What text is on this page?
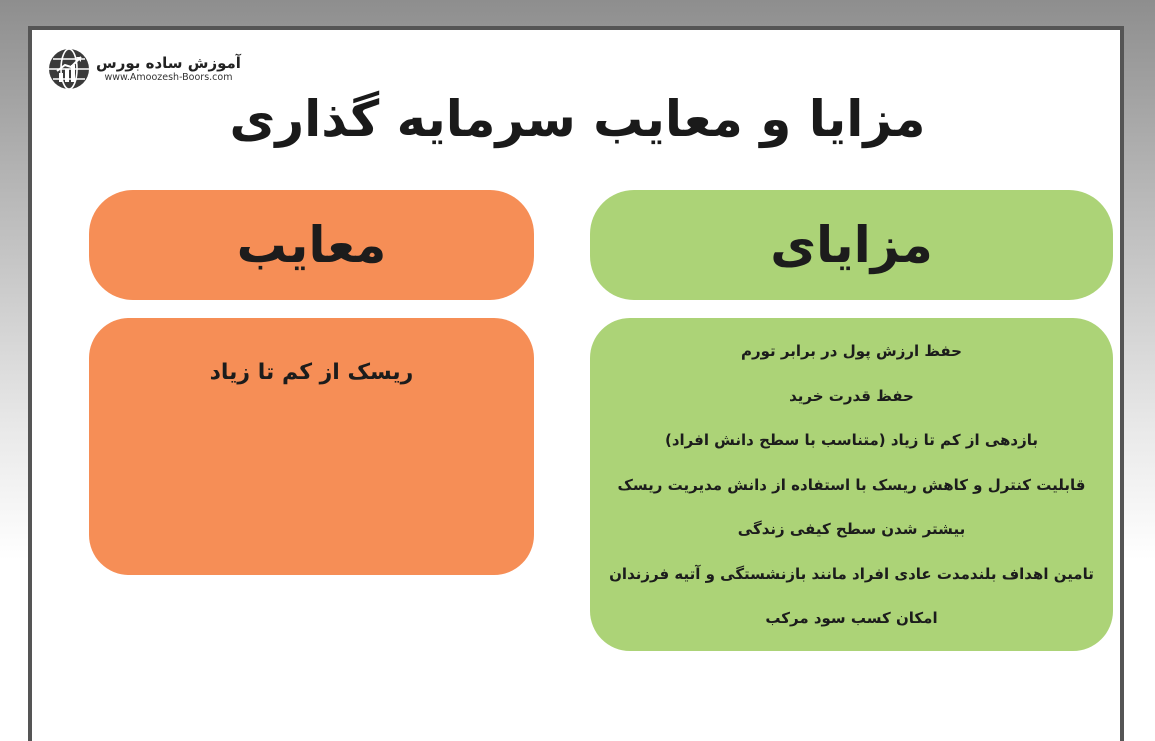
آموزش ساده بورس
www.Amoozesh-Boors.com
مزایا و معایب سرمایه گذاری
مزایای
معایب
حفظ ارزش پول در برابر تورم
حفظ قدرت خرید
بازدهی از کم تا زیاد (متناسب با سطح دانش افراد)
قابلیت کنترل و کاهش ریسک با استفاده از دانش مدیریت ریسک
بیشتر شدن سطح کیفی زندگی
تامین اهداف بلندمدت عادی افراد مانند بازنشستگی و آتیه فرزندان
امکان کسب سود مرکب
ریسک از کم تا زیاد
